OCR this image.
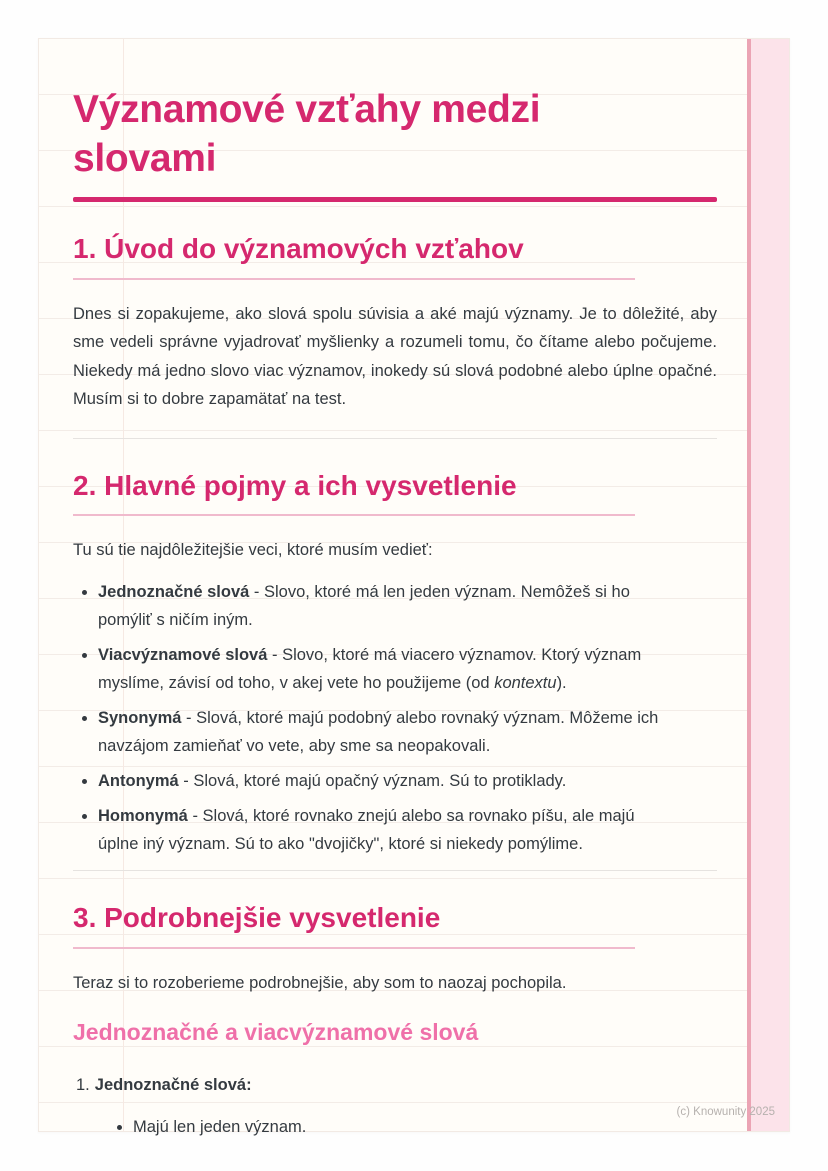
Významové vzťahy medzi slovami
1. Úvod do významových vzťahov

Dnes si zopakujeme, ako slová spolu súvisia a aké majú významy. Je to dôležité, aby sme vedeli správne vyjadrovať myšlienky a rozumeli tomu, čo čítame alebo počujeme. Niekedy má jedno slovo viac významov, inokedy sú slová podobné alebo úplne opačné. Musím si to dobre zapamätať na test.

2. Hlavné pojmy a ich vysvetlenie

Tu sú tie najdôležitejšie veci, ktoré musím vedieť:

• Jednoznačné slová - Slovo, ktoré má len jeden význam. Nemôžeš si ho pomýliť s ničím iným.
• Viacvýznamové slová - Slovo, ktoré má viacero významov. Ktorý význam myslíme, závisí od toho, v akej vete ho použijeme (od kontextu).
• Synonymá - Slová, ktoré majú podobný alebo rovnaký význam. Môžeme ich navzájom zamieňať vo vete, aby sme sa neopakovali.
• Antonymá - Slová, ktoré majú opačný význam. Sú to protiklady.
• Homonymá - Slová, ktoré rovnako znejú alebo sa rovnako píšu, ale majú úplne iný význam. Sú to ako "dvojičky", ktoré si niekedy pomýlime.
3. Podrobnejšie vysvetlenie

Teraz si to rozoberieme podrobnejšie, aby som to naozaj pochopila.

Jednoznačné a viacvýznamové slová
1. Jednoznačné slová:
• Majú len jeden význam.
(c) Knowunity 2025
